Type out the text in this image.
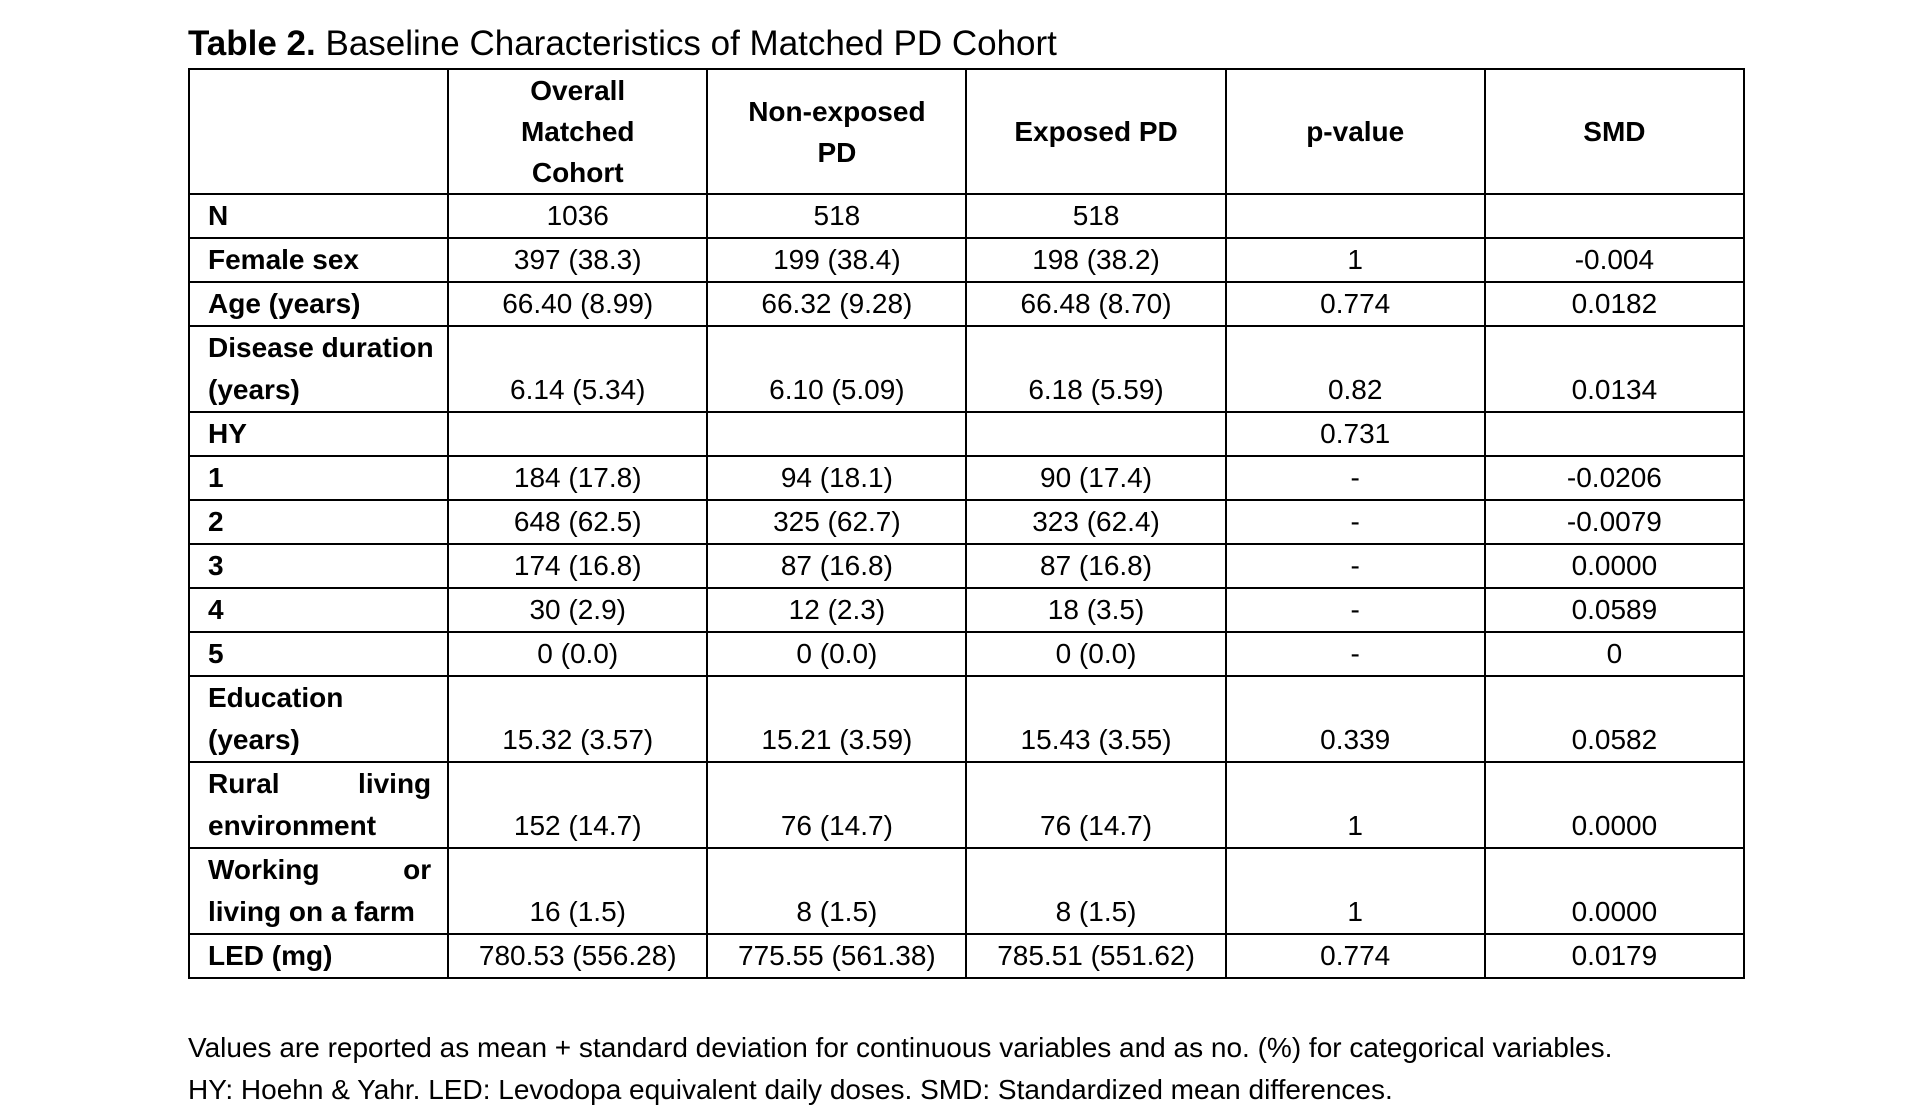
Table 2. Baseline Characteristics of Matched PD Cohort
	Overall Matched Cohort	Non-exposed PD	Exposed PD	p-value	SMD
N	1036	518	518		
Female sex	397 (38.3)	199 (38.4)	198 (38.2)	1	-0.004
Age (years)	66.40 (8.99)	66.32 (9.28)	66.48 (8.70)	0.774	0.0182
Disease duration (years)	6.14 (5.34)	6.10 (5.09)	6.18 (5.59)	0.82	0.0134
HY				0.731	
1	184 (17.8)	94 (18.1)	90 (17.4)	-	-0.0206
2	648 (62.5)	325 (62.7)	323 (62.4)	-	-0.0079
3	174 (16.8)	87 (16.8)	87 (16.8)	-	0.0000
4	30 (2.9)	12 (2.3)	18 (3.5)	-	0.0589
5	0 (0.0)	0 (0.0)	0 (0.0)	-	0
Education (years)	15.32 (3.57)	15.21 (3.59)	15.43 (3.55)	0.339	0.0582
Rural living environment	152 (14.7)	76 (14.7)	76 (14.7)	1	0.0000
Working or living on a farm	16 (1.5)	8 (1.5)	8 (1.5)	1	0.0000
LED (mg)	780.53 (556.28)	775.55 (561.38)	785.51 (551.62)	0.774	0.0179
Values are reported as mean + standard deviation for continuous variables and as no. (%) for categorical variables.
HY: Hoehn & Yahr. LED: Levodopa equivalent daily doses. SMD: Standardized mean differences.
